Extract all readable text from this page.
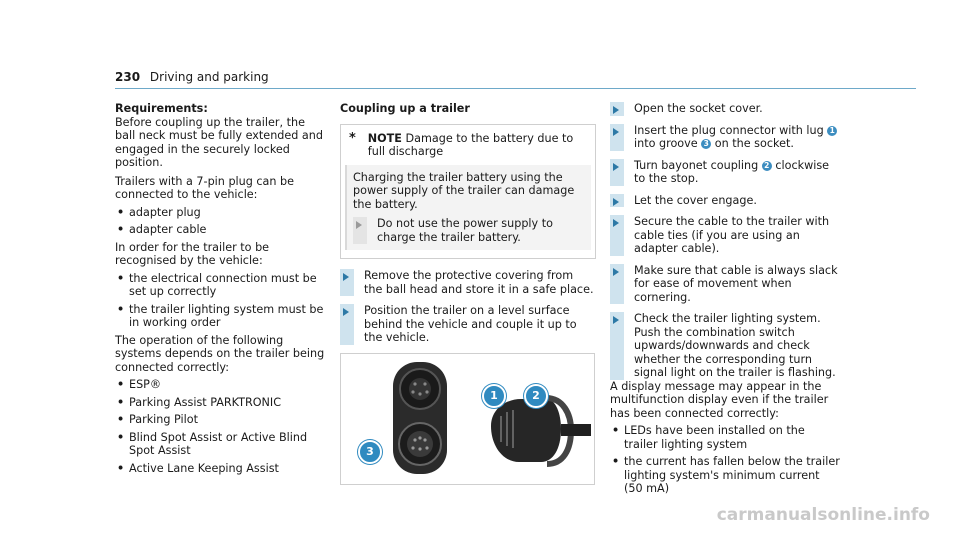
230 Driving and parking

Requirements:

Before coupling up the trailer, the ball neck must be fully extended and engaged in the securely locked position.

Trailers with a 7-pin plug can be connected to the vehicle:

• adapter plug
• adapter cable

In order for the trailer to be recognised by the vehicle:

• the electrical connection must be set up correctly
• the trailer lighting system must be in working order

The operation of the following systems depends on the trailer being connected correctly:

• ESP®
• Parking Assist PARKTRONIC
• Parking Pilot
• Blind Spot Assist or Active Blind Spot Assist
• Active Lane Keeping Assist

Coupling up a trailer

*	NOTE Damage to the battery due to full discharge

Charging the trailer battery using the power supply of the trailer can damage the battery.

Do not use the power supply to charge the trailer battery.
Remove the protective covering from the ball head and store it in a safe place.
Position the trailer on a level surface behind the vehicle and couple it up to the vehicle.
1	2
3
Open the socket cover.
Insert the plug connector with lug 1 into groove 3 on the socket.
Turn bayonet coupling 2 clockwise to the stop.
Let the cover engage.
Secure the cable to the trailer with cable ties (if you are using an adapter cable).
Make sure that cable is always slack for ease of movement when cornering.
Check the trailer lighting system. Push the combination switch upwards/downwards and check whether the corresponding turn signal light on the trailer is flashing.

A display message may appear in the multifunction display even if the trailer has been connected correctly:

• LEDs have been installed on the trailer lighting system
• the current has fallen below the trailer lighting system's minimum current (50 mA)
carmanualsonline.info
